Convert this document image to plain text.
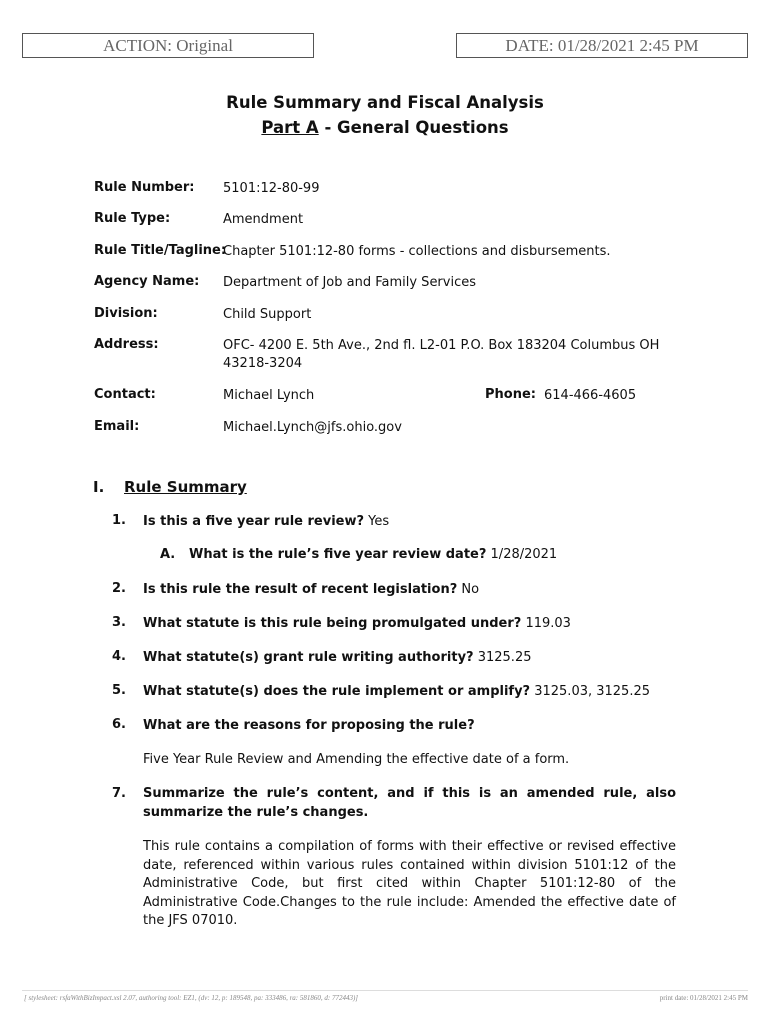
ACTION: Original	DATE: 01/28/2021 2:45 PM
Rule Summary and Fiscal Analysis
Part A - General Questions
Rule Number: 5101:12-80-99
Rule Type:	Amendment
Rule Title/Tagline:
Chapter 5101:12-80 forms - collections and disbursements.
Agency Name: Department of Job and Family Services
Division:	Child Support
Address:	OFC- 4200 E. 5th Ave., 2nd fl. L2-01 P.O. Box 183204 Columbus OH
43218-3204
Contact:	Michael Lynch	Phone: 614-466-4605
Email:	Michael.Lynch@jfs.ohio.gov
I. Rule Summary
1. Is this a five year rule review? Yes
A. What is the rule’s five year review date? 1/28/2021
2. Is this rule the result of recent legislation? No
3. What statute is this rule being promulgated under? 119.03
4. What statute(s) grant rule writing authority? 3125.25
5. What statute(s) does the rule implement or amplify? 3125.03, 3125.25
6. What are the reasons for proposing the rule?
Five Year Rule Review and Amending the effective date of a form.
7. Summarize the rule’s content, and if this is an amended rule, also summarize the rule’s changes.
This rule contains a compilation of forms with their effective or revised effective date, referenced within various rules contained within division 5101:12 of the Administrative Code, but first cited within Chapter 5101:12-80 of the Administrative Code.Changes to the rule include: Amended the effective date of the JFS 07010.
[ stylesheet: rsfaWithBizImpact.xsl 2.07, authoring tool: EZ1, (dv: 12, p: 189548, pa: 333486, ra: 581860, d: 772443)]	print date: 01/28/2021 2:45 PM
